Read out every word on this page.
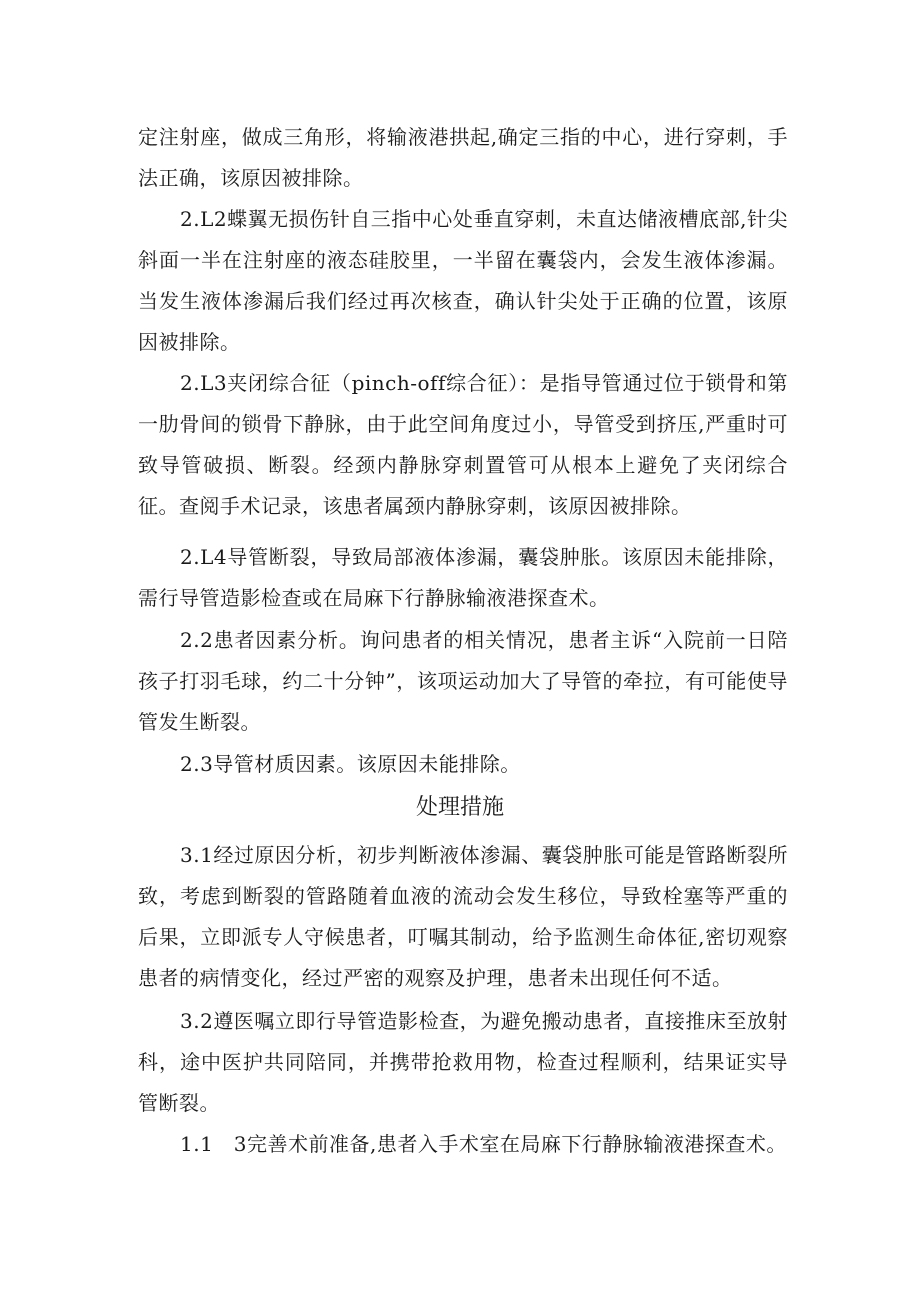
定注射座，做成三角形，将输液港拱起,确定三指的中心，进行穿刺，手法正确，该原因被排除。

2.L2蝶翼无损伤针自三指中心处垂直穿刺，未直达储液槽底部,针尖斜面一半在注射座的液态硅胶里，一半留在囊袋内，会发生液体渗漏。当发生液体渗漏后我们经过再次核查，确认针尖处于正确的位置，该原因被排除。

2.L3夹闭综合征（pinch-off综合征）：是指导管通过位于锁骨和第一肋骨间的锁骨下静脉，由于此空间角度过小，导管受到挤压,严重时可致导管破损、断裂。经颈内静脉穿刺置管可从根本上避免了夹闭综合征。查阅手术记录，该患者属颈内静脉穿刺，该原因被排除。

2.L4导管断裂，导致局部液体渗漏，囊袋肿胀。该原因未能排除，需行导管造影检查或在局麻下行静脉输液港探查术。

2.2患者因素分析。询问患者的相关情况，患者主诉“入院前一日陪孩子打羽毛球，约二十分钟”，该项运动加大了导管的牵拉，有可能使导管发生断裂。

2.3导管材质因素。该原因未能排除。

处理措施

3.1经过原因分析，初步判断液体渗漏、囊袋肿胀可能是管路断裂所致，考虑到断裂的管路随着血液的流动会发生移位，导致栓塞等严重的后果，立即派专人守候患者，叮嘱其制动，给予监测生命体征,密切观察患者的病情变化，经过严密的观察及护理，患者未出现任何不适。

3.2遵医嘱立即行导管造影检查，为避免搬动患者，直接推床至放射科，途中医护共同陪同，并携带抢救用物，检查过程顺利，结果证实导管断裂。

1.1　3完善术前准备,患者入手术室在局麻下行静脉输液港探查术。
